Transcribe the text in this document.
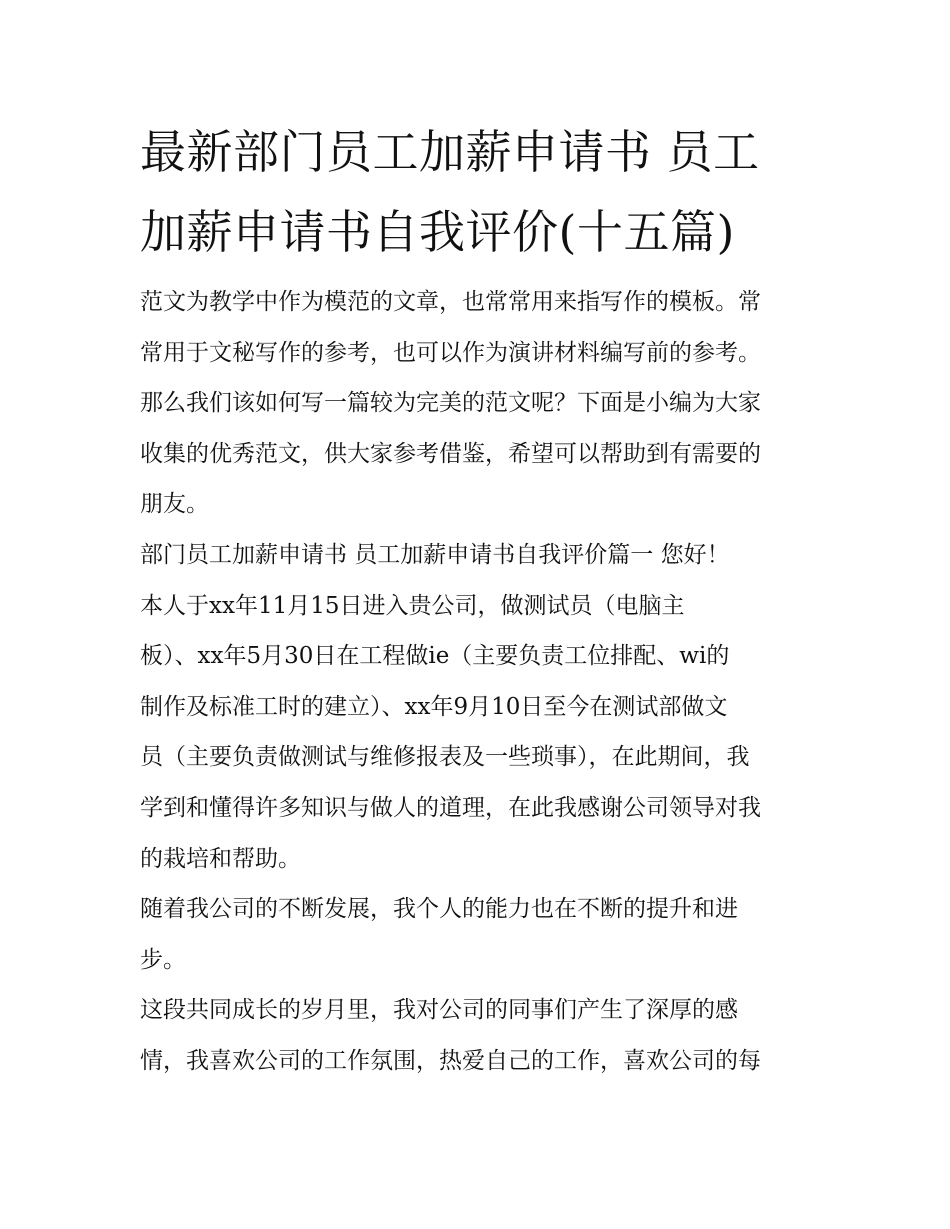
最新部门员工加薪申请书 员工
加薪申请书自我评价(十五篇)
范文为教学中作为模范的文章，也常常用来指写作的模板。常
常用于文秘写作的参考，也可以作为演讲材料编写前的参考。
那么我们该如何写一篇较为完美的范文呢？下面是小编为大家
收集的优秀范文，供大家参考借鉴，希望可以帮助到有需要的
朋友。
部门员工加薪申请书 员工加薪申请书自我评价篇一 您好！
本人于xx年11月15日进入贵公司，做测试员（电脑主
板）、xx年5月30日在工程做ie（主要负责工位排配、wi的
制作及标准工时的建立）、xx年9月10日至今在测试部做文
员（主要负责做测试与维修报表及一些琐事），在此期间，我
学到和懂得许多知识与做人的道理，在此我感谢公司领导对我
的栽培和帮助。
随着我公司的不断发展，我个人的能力也在不断的提升和进
步。
这段共同成长的岁月里，我对公司的同事们产生了深厚的感
情，我喜欢公司的工作氛围，热爱自己的工作，喜欢公司的每
